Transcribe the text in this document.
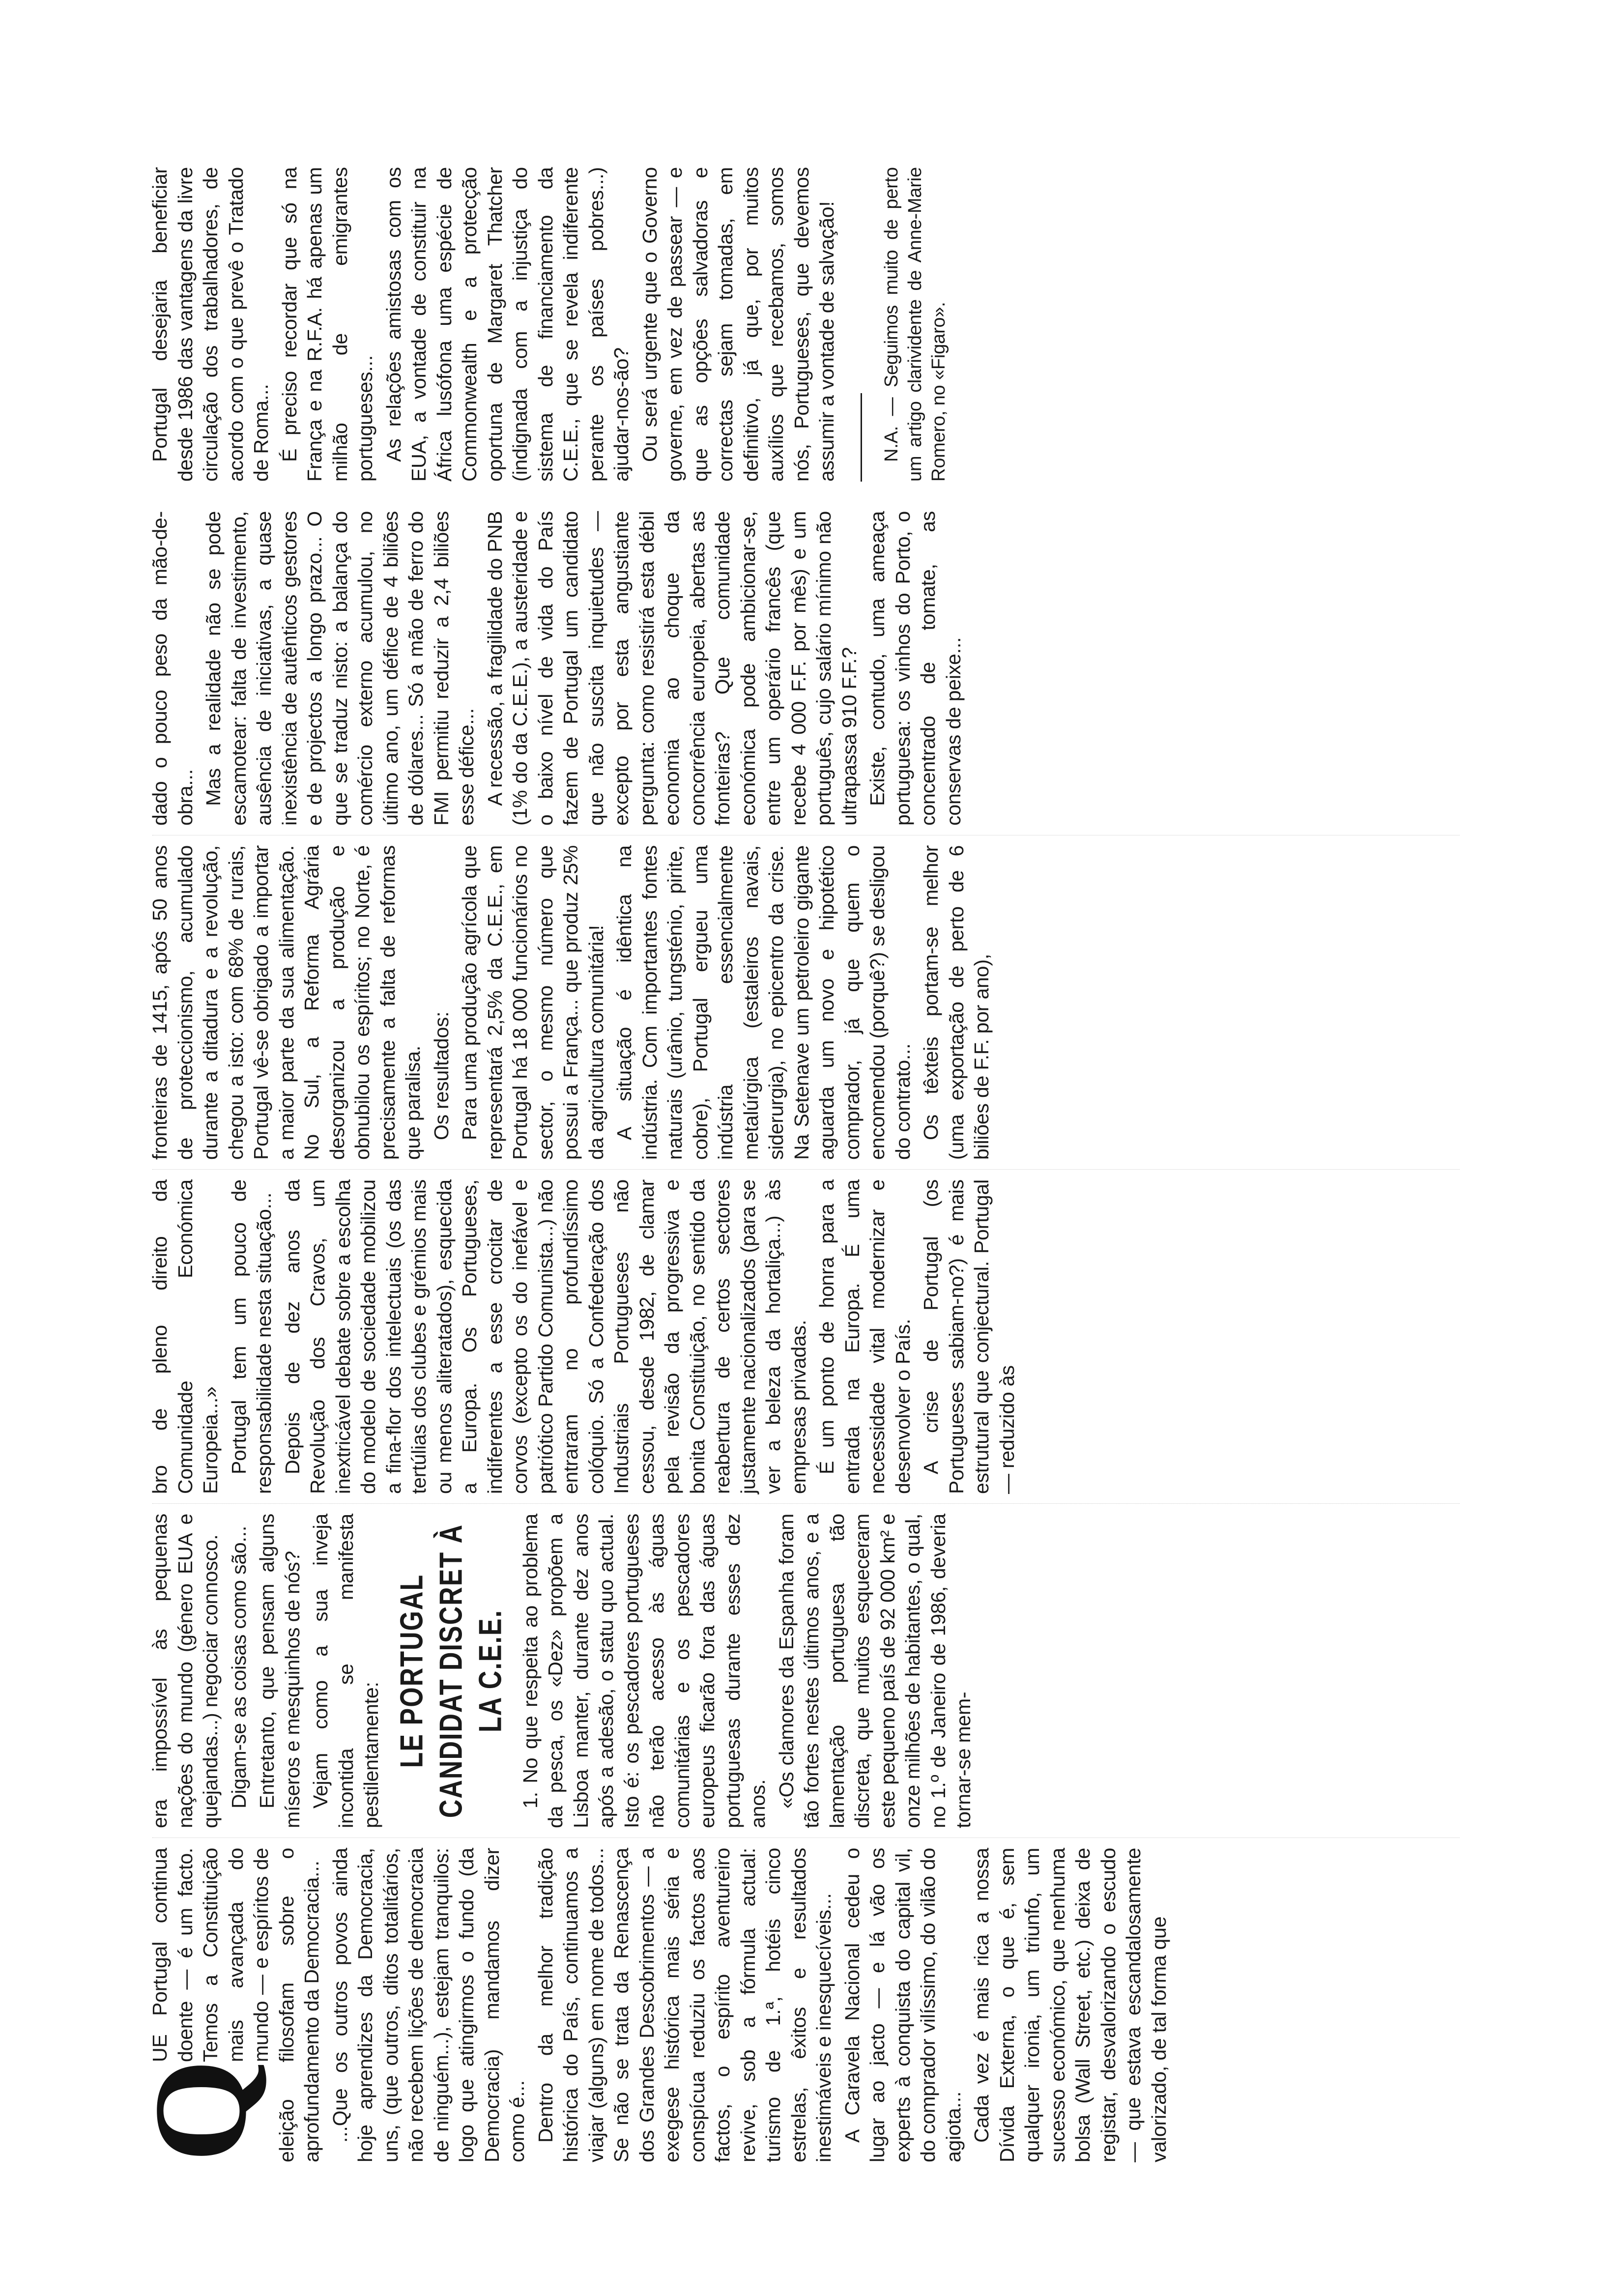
Q

UE Portugal continua doente — é um facto. Temos a Constituição mais avançada do mundo — e espíritos de eleição filosofam sobre o aprofundamento da Democracia... ...Que os outros povos ainda hoje aprendizes da Democracia, uns, (que outros, ditos totalitários, não recebem lições de democracia de ninguém...), estejam tranquilos: logo que atingirmos o fundo (da Democracia) mandamos dizer como é... Dentro da melhor tradição histórica do País, continuamos a viajar (alguns) em nome de todos... Se não se trata da Renascença dos Grandes Descobrimentos — a exegese histórica mais séria e conspícua reduziu os factos aos factos, o espírito aventureiro revive, sob a fórmula actual: turismo de 1.ª, hotéis cinco estrelas, êxitos e resultados inestimáveis e inesquecíveis... A Caravela Nacional cedeu o lugar ao jacto — e lá vão os experts à conquista do capital vil, do comprador vilíssimo, do vilão do agiota... Cada vez é mais rica a nossa Dívida Externa, o que é, sem qualquer ironia, um triunfo, um sucesso económico, que nenhuma bolsa (Wall Street, etc.) deixa de registar, desvalorizando o escudo — que estava escandalosamente valorizado, de tal forma que

era impossível às pequenas nações do mundo (género EUA e quejandas...) negociar connosco. Digam-se as coisas como são... Entretanto, que pensam alguns míseros e mesquinhos de nós? Vejam como a sua inveja incontida se manifesta pestilentamente: LE PORTUGAL CANDIDAT DISCRET À LA C.E.E. 1. No que respeita ao problema da pesca, os «Dez» propõem a Lisboa manter, durante dez anos após a adesão, o statu quo actual. Isto é: os pescadores portugueses não terão acesso às águas comunitárias e os pescadores europeus ficarão fora das águas portuguesas durante esses dez anos. «Os clamores da Espanha foram tão fortes nestes últimos anos, e a lamentação portuguesa tão discreta, que muitos esqueceram este pequeno país de 92 000 km² e onze milhões de habitantes, o qual, no 1.º de Janeiro de 1986, deveria tornar-se mem-

bro de pleno direito da Comunidade Económica Europeia...» Portugal tem um pouco de responsabilidade nesta situação... Depois de dez anos da Revolução dos Cravos, um inextricável debate sobre a escolha do modelo de sociedade mobilizou a fina-flor dos intelectuais (os das tertúlias dos clubes e grémios mais ou menos aliteratados), esquecida a Europa. Os Portugueses, indiferentes a esse crocitar de corvos (excepto os do inefável e patriótico Partido Comunista...) não entraram no profundíssimo colóquio. Só a Confederação dos Industriais Portugueses não cessou, desde 1982, de clamar pela revisão da progressiva e bonita Constituição, no sentido da reabertura de certos sectores justamente nacionalizados (para se ver a beleza da hortaliça...) às empresas privadas. É um ponto de honra para a entrada na Europa. É uma necessidade vital modernizar e desenvolver o País. A crise de Portugal (os Portugueses sabiam-no?) é mais estrutural que conjectural. Portugal — reduzido às

fronteiras de 1415, após 50 anos de proteccionismo, acumulado durante a ditadura e a revolução, chegou a isto: com 68% de rurais, Portugal vê-se obrigado a importar a maior parte da sua alimentação. No Sul, a Reforma Agrária desorganizou a produção e obnubilou os espíritos; no Norte, é precisamente a falta de reformas que paralisa. Os resultados: Para uma produção agrícola que representará 2,5% da C.E.E., em Portugal há 18 000 funcionários no sector, o mesmo número que possui a França... que produz 25% da agricultura comunitária! A situação é idêntica na indústria. Com importantes fontes naturais (urânio, tungsténio, pirite, cobre), Portugal ergueu uma indústria essencialmente metalúrgica (estaleiros navais, siderurgia), no epicentro da crise. Na Setenave um petroleiro gigante aguarda um novo e hipotético comprador, já que quem o encomendou (porquê?) se desligou do contrato... Os têxteis portam-se melhor (uma exportação de perto de 6 biliões de F.F. por ano),

dado o pouco peso da mão-de-obra... Mas a realidade não se pode escamotear: falta de investimento, ausência de iniciativas, a quase inexistência de autênticos gestores e de projectos a longo prazo... O que se traduz nisto: a balança do comércio externo acumulou, no último ano, um défice de 4 biliões de dólares... Só a mão de ferro do FMI permitiu reduzir a 2,4 biliões esse défice... A recessão, a fragilidade do PNB (1% do da C.E.E.), a austeridade e o baixo nível de vida do País fazem de Portugal um candidato que não suscita inquietudes — excepto por esta angustiante pergunta: como resistirá esta débil economia ao choque da concorrência europeia, abertas as fronteiras? Que comunidade económica pode ambicionar-se, entre um operário francês (que recebe 4 000 F.F. por mês) e um português, cujo salário mínimo não ultrapassa 910 F.F.? Existe, contudo, uma ameaça portuguesa: os vinhos do Porto, o concentrado de tomate, as conservas de peixe...

Portugal desejaria beneficiar desde 1986 das vantagens da livre circulação dos trabalhadores, de acordo com o que prevê o Tratado de Roma... É preciso recordar que só na França e na R.F.A. há apenas um milhão de emigrantes portugueses... As relações amistosas com os EUA, a vontade de constituir na África lusófona uma espécie de Commonwealth e a protecção oportuna de Margaret Thatcher (indignada com a injustiça do sistema de financiamento da C.E.E., que se revela indiferente perante os países pobres...) ajudar-nos-ão? Ou será urgente que o Governo governe, em vez de passear — e que as opções salvadoras e correctas sejam tomadas, em definitivo, já que, por muitos auxílios que recebamos, somos nós, Portugueses, que devemos assumir a vontade de salvação! N.A. — Seguimos muito de perto um artigo clarividente de Anne-Marie Romero, no «Figaro».
